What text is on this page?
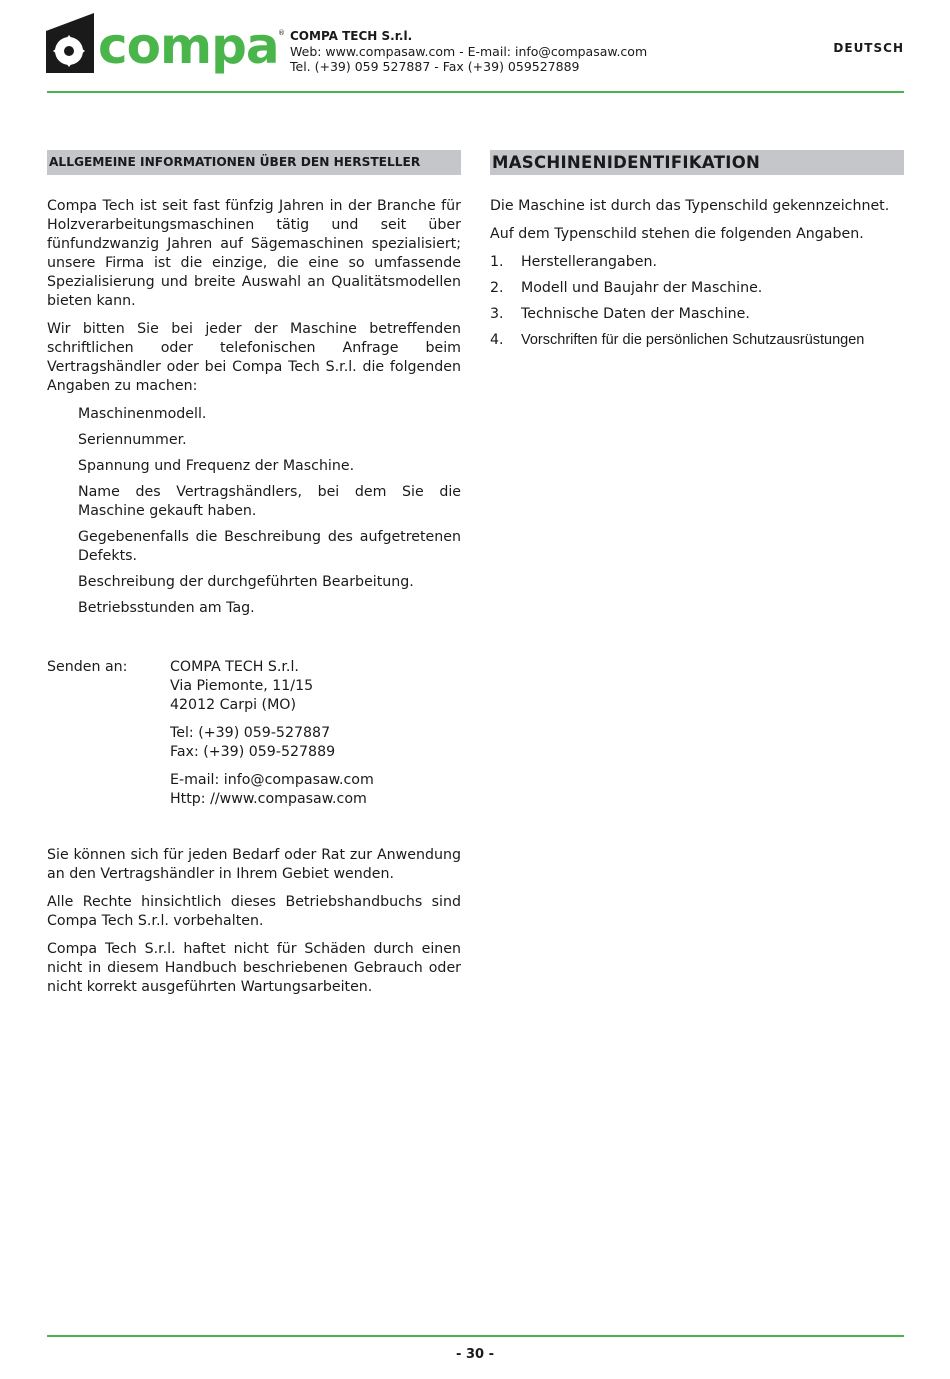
compa ® COMPA TECH S.r.l.
Web: www.compasaw.com - E-mail: info@compasaw.com
Tel. (+39) 059 527887 - Fax (+39) 059527889
DEUTSCH
ALLGEMEINE INFORMATIONEN ÜBER DEN HERSTELLER

Compa Tech ist seit fast fünfzig Jahren in der Branche für Holzverarbeitungsmaschinen tätig und seit über fünfundzwanzig Jahren auf Sägemaschinen spezialisiert; unsere Firma ist die einzige, die eine so umfassende Spezialisierung und breite Auswahl an Qualitätsmodellen bieten kann.

Wir bitten Sie bei jeder der Maschine betreffenden schriftlichen oder telefonischen Anfrage beim Vertragshändler oder bei Compa Tech S.r.l. die folgenden Angaben zu machen:

Maschinenmodell.
Seriennummer.
Spannung und Frequenz der Maschine.
Name des Vertragshändlers, bei dem Sie die Maschine gekauft haben.
Gegebenenfalls die Beschreibung des aufgetretenen Defekts.
Beschreibung der durchgeführten Bearbeitung.
Betriebsstunden am Tag.
Senden an:	COMPA TECH S.r.l.
Via Piemonte, 11/15
42012 Carpi (MO)
Tel: (+39) 059-527887
Fax: (+39) 059-527889
E-mail: info@compasaw.com
Http: //www.compasaw.com

Sie können sich für jeden Bedarf oder Rat zur Anwendung an den Vertragshändler in Ihrem Gebiet wenden.

Alle Rechte hinsichtlich dieses Betriebshandbuchs sind Compa Tech S.r.l. vorbehalten.

Compa Tech S.r.l. haftet nicht für Schäden durch einen nicht in diesem Handbuch beschriebenen Gebrauch oder nicht korrekt ausgeführten Wartungsarbeiten.

MASCHINENIDENTIFIKATION

Die Maschine ist durch das Typenschild gekennzeichnet.

Auf dem Typenschild stehen die folgenden Angaben.

1.	Herstellerangaben.
2.	Modell und Baujahr der Maschine.
3.	Technische Daten der Maschine.
4.	Vorschriften für die persönlichen Schutzausrüstungen
- 30 -
